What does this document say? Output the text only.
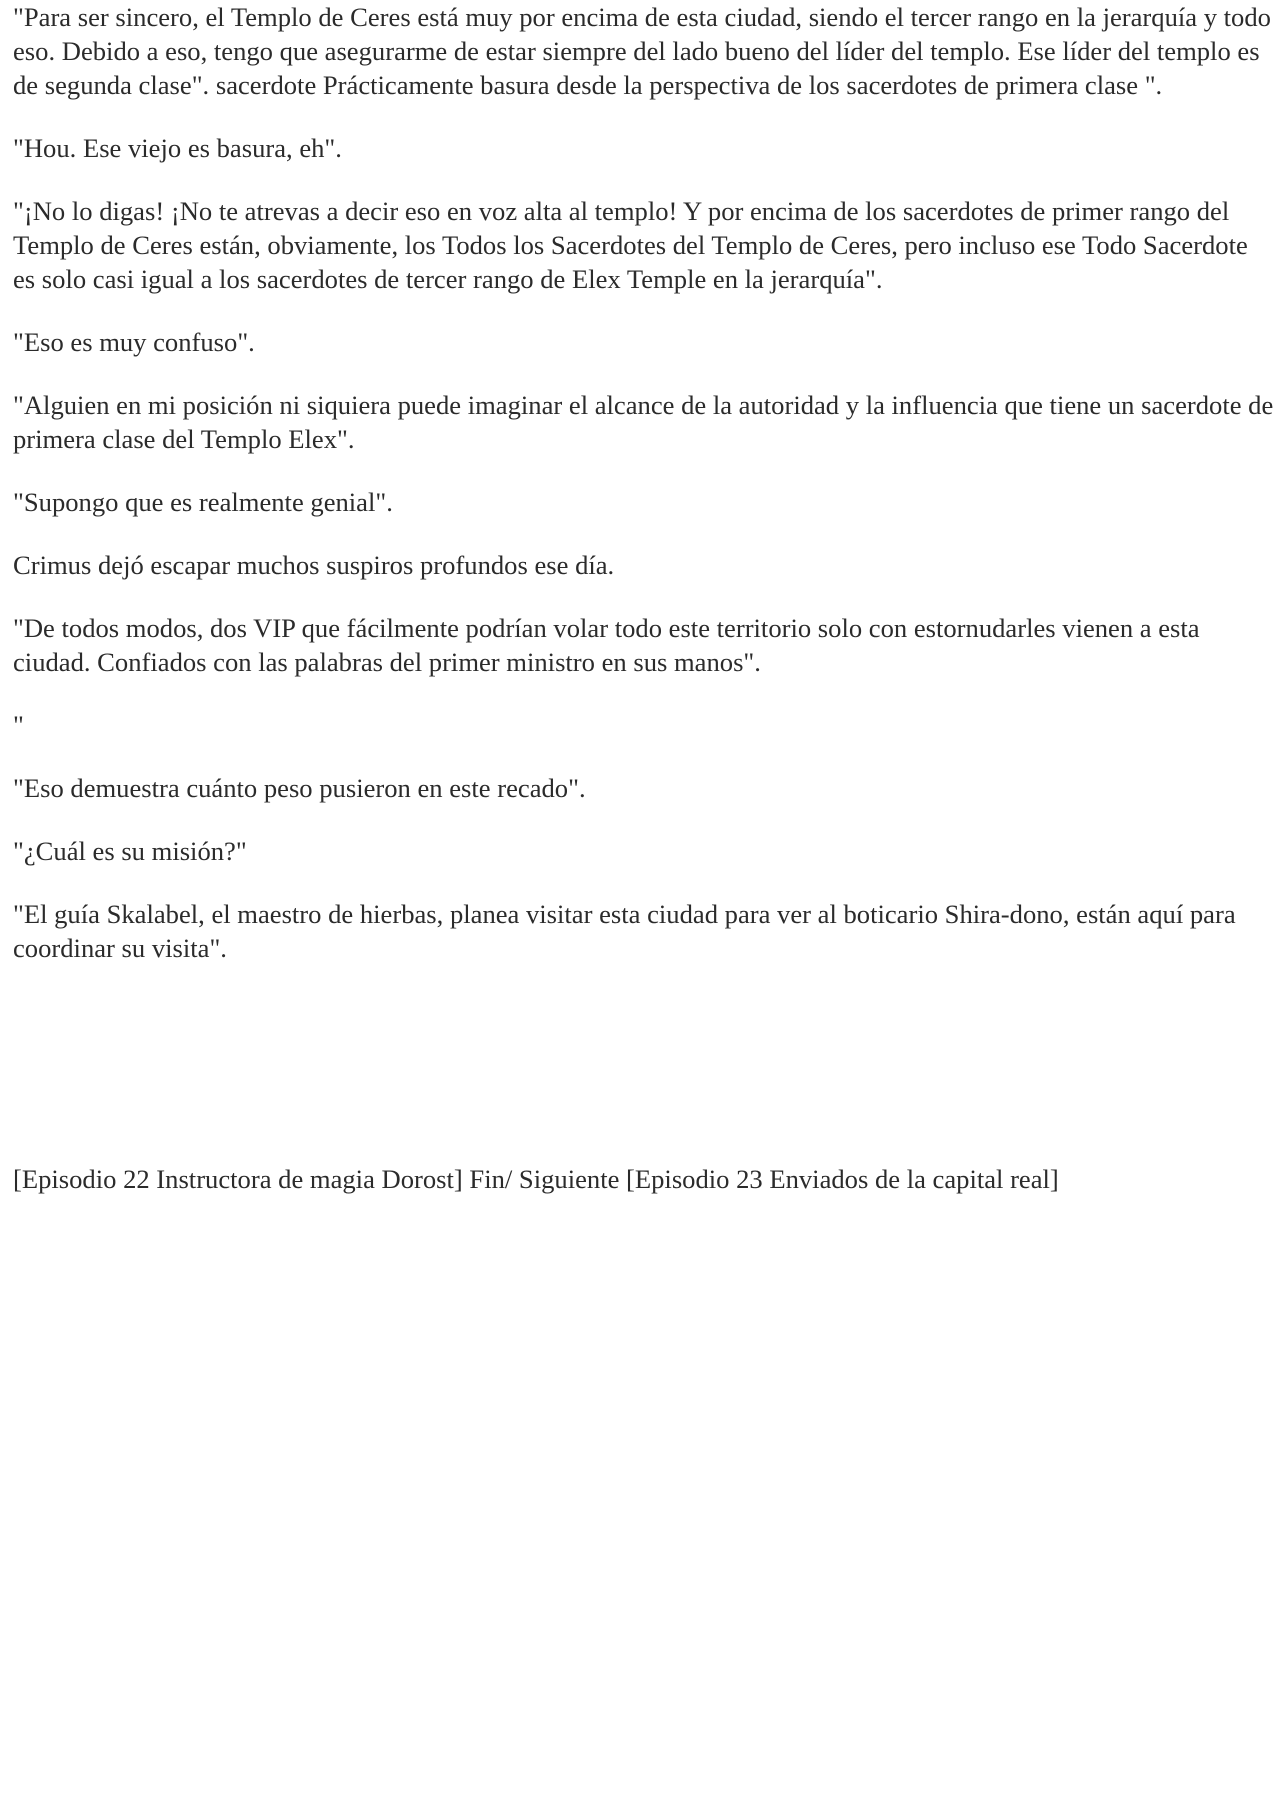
"Para ser sincero, el Templo de Ceres está muy por encima de esta ciudad, siendo el tercer rango en la jerarquía y todo eso. Debido a eso, tengo que asegurarme de estar siempre del lado bueno del líder del templo. Ese líder del templo es de segunda clase". sacerdote Prácticamente basura desde la perspectiva de los sacerdotes de primera clase ".

"Hou. Ese viejo es basura, eh".

"¡No lo digas! ¡No te atrevas a decir eso en voz alta al templo! Y por encima de los sacerdotes de primer rango del Templo de Ceres están, obviamente, los Todos los Sacerdotes del Templo de Ceres, pero incluso ese Todo Sacerdote es solo casi igual a los sacerdotes de tercer rango de Elex Temple en la jerarquía".

"Eso es muy confuso".

"Alguien en mi posición ni siquiera puede imaginar el alcance de la autoridad y la influencia que tiene un sacerdote de primera clase del Templo Elex".

"Supongo que es realmente genial".

Crimus dejó escapar muchos suspiros profundos ese día.

"De todos modos, dos VIP que fácilmente podrían volar todo este territorio solo con estornudarles vienen a esta ciudad. Confiados con las palabras del primer ministro en sus manos".

"

"Eso demuestra cuánto peso pusieron en este recado".

"¿Cuál es su misión?"

"El guía Skalabel, el maestro de hierbas, planea visitar esta ciudad para ver al boticario Shira-dono, están aquí para coordinar su visita".

[Episodio 22 Instructora de magia Dorost] Fin/ Siguiente [Episodio 23 Enviados de la capital real]
